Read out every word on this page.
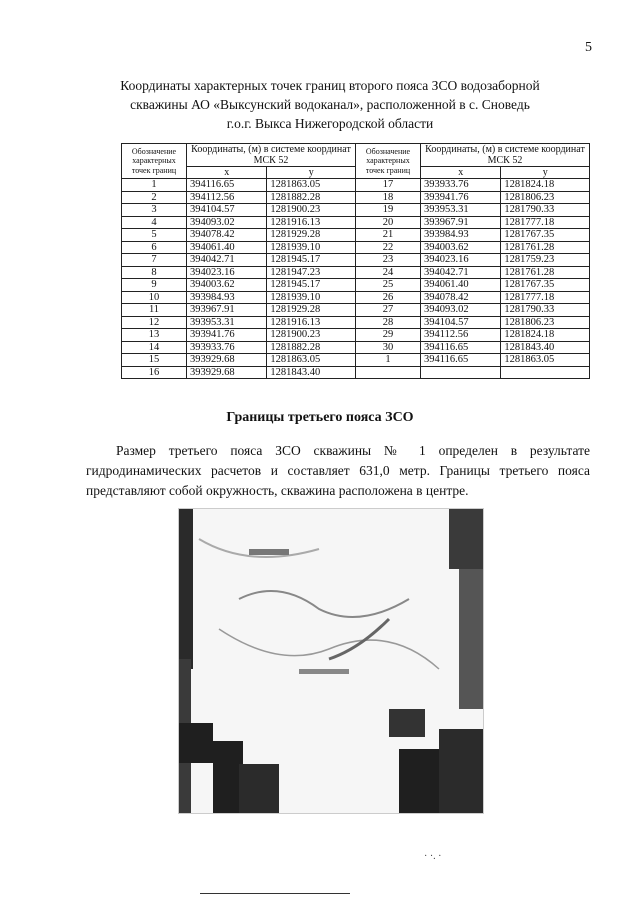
5
Координаты характерных точек границ второго пояса ЗСО водозаборной
скважины АО «Выксунский водоканал», расположенной в с. Сноведь
г.о.г. Выкса Нижегородской области
Обозначение характерных точек границ	Координаты, (м) в системе координат МСК 52		Обозначение характерных точек границ	Координаты, (м) в системе координат МСК 52	
	x	y		x	y
1	394116.65	1281863.05	17	393933.76	1281824.18
2	394112.56	1281882.28	18	393941.76	1281806.23
3	394104.57	1281900.23	19	393953.31	1281790.33
4	394093.02	1281916.13	20	393967.91	1281777.18
5	394078.42	1281929.28	21	393984.93	1281767.35
6	394061.40	1281939.10	22	394003.62	1281761.28
7	394042.71	1281945.17	23	394023.16	1281759.23
8	394023.16	1281947.23	24	394042.71	1281761.28
9	394003.62	1281945.17	25	394061.40	1281767.35
10	393984.93	1281939.10	26	394078.42	1281777.18
11	393967.91	1281929.28	27	394093.02	1281790.33
12	393953.31	1281916.13	28	394104.57	1281806.23
13	393941.76	1281900.23	29	394112.56	1281824.18
14	393933.76	1281882.28	30	394116.65	1281843.40
15	393929.68	1281863.05	1	394116.65	1281863.05
16	393929.68	1281843.40			
Границы третьего пояса ЗСО
Размер третьего пояса ЗСО скважины № 1 определен в результате гидродинамических расчетов и составляет 631,0 метр. Границы третьего пояса представляют собой окружность, скважина расположена в центре.
· ·. ·
